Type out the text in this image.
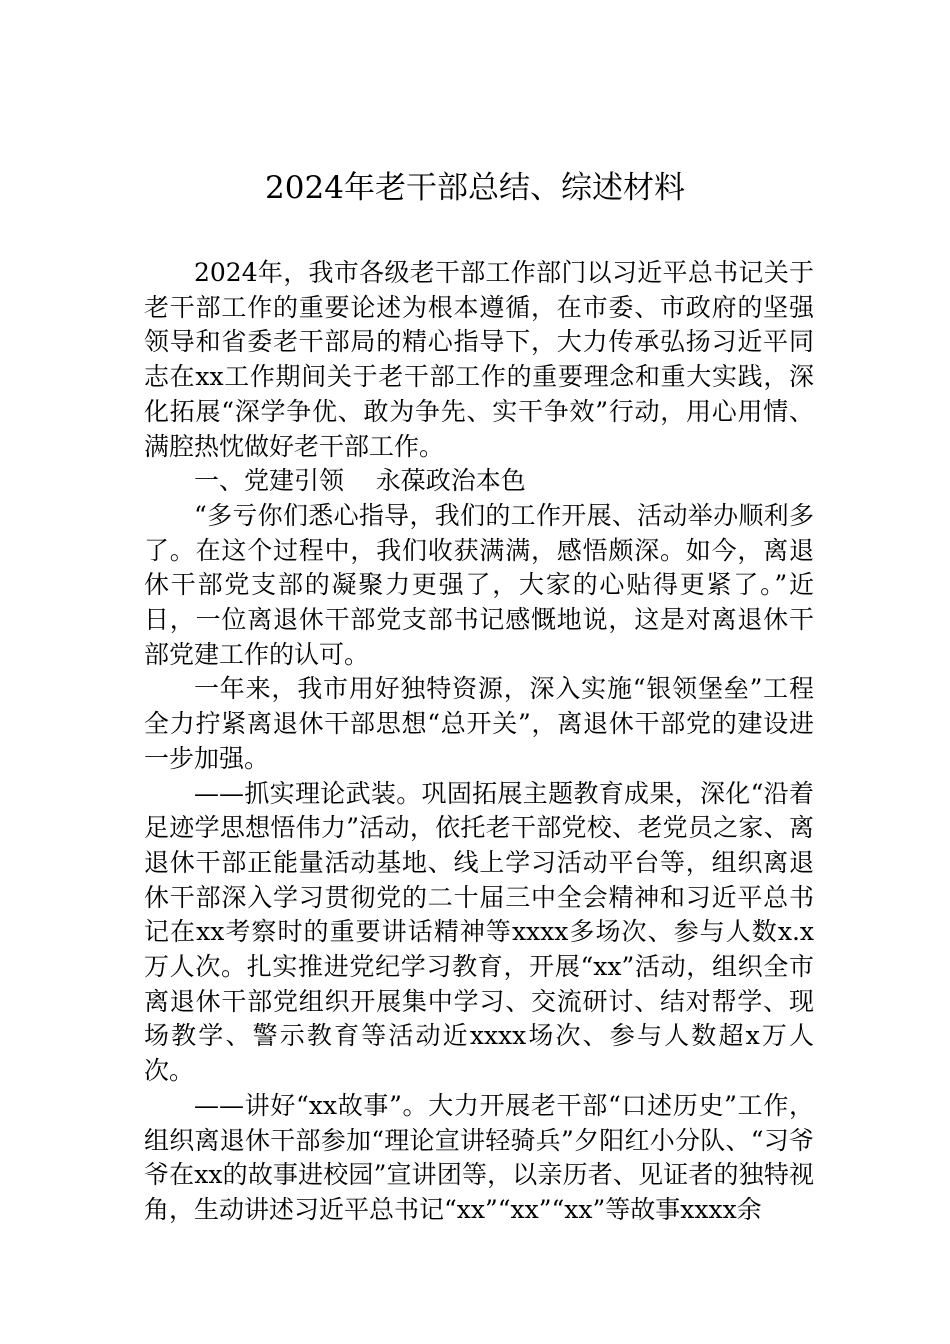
2024年老干部总结、综述材料

2024年，我市各级老干部工作部门以习近平总书记关于老干部工作的重要论述为根本遵循，在市委、市政府的坚强领导和省委老干部局的精心指导下，大力传承弘扬习近平同志在xx工作期间关于老干部工作的重要理念和重大实践，深化拓展“深学争优、敢为争先、实干争效”行动，用心用情、满腔热忱做好老干部工作。

一、党建引领    永葆政治本色

“多亏你们悉心指导，我们的工作开展、活动举办顺利多了。在这个过程中，我们收获满满，感悟颇深。如今，离退休干部党支部的凝聚力更强了，大家的心贴得更紧了。”近日，一位离退休干部党支部书记感慨地说，这是对离退休干部党建工作的认可。

一年来，我市用好独特资源，深入实施“银领堡垒”工程全力拧紧离退休干部思想“总开关”，离退休干部党的建设进一步加强。

——抓实理论武装。巩固拓展主题教育成果，深化“沿着足迹学思想悟伟力”活动，依托老干部党校、老党员之家、离退休干部正能量活动基地、线上学习活动平台等，组织离退休干部深入学习贯彻党的二十届三中全会精神和习近平总书记在xx考察时的重要讲话精神等xxxx多场次、参与人数x.x万人次。扎实推进党纪学习教育，开展“xx”活动，组织全市离退休干部党组织开展集中学习、交流研讨、结对帮学、现场教学、警示教育等活动近xxxx场次、参与人数超x万人次。

——讲好“xx故事”。大力开展老干部“口述历史”工作，组织离退休干部参加“理论宣讲轻骑兵”夕阳红小分队、“习爷爷在xx的故事进校园”宣讲团等，以亲历者、见证者的独特视角，生动讲述习近平总书记“xx”“xx”“xx”等故事xxxx余
